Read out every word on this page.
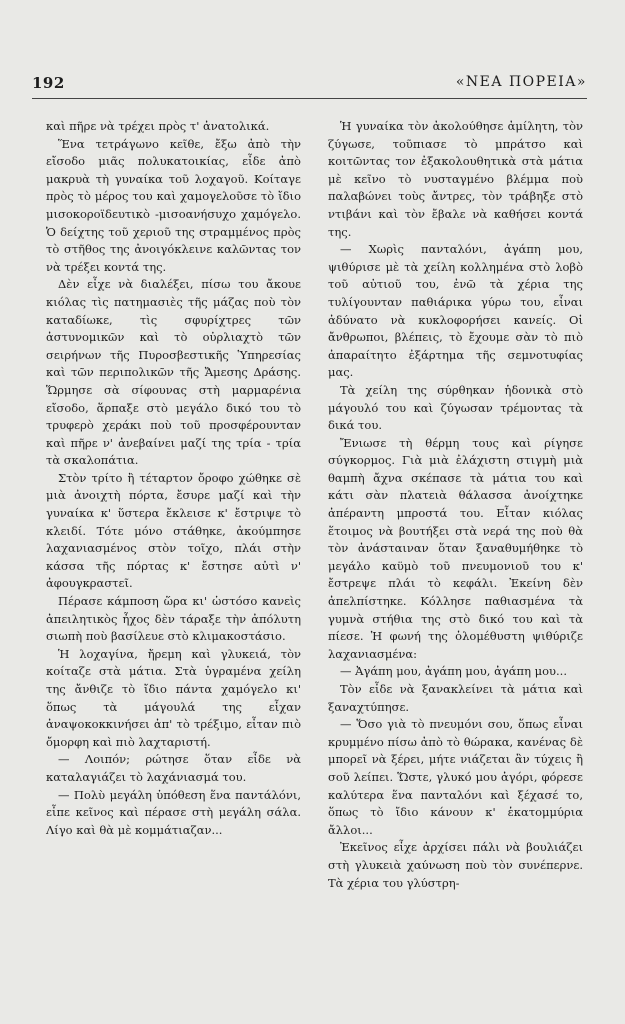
192	«ΝΕΑ ΠΟΡΕΙΑ»

καὶ πῆρε νὰ τρέχει πρὸς τ' ἀνατολικά.

Ἕνα τετράγωνο κεῖθε, ἔξω ἀπὸ τὴν εἴσοδο μιᾶς πολυκατοικίας, εἶδε ἀπὸ μακρυὰ τὴ γυναίκα τοῦ λοχαγοῦ. Κοίταγε πρὸς τὸ μέρος του καὶ χαμογελοῦσε τὸ ἴδιο μισοκοροϊδευτικὸ -μισοανήσυχο χαμόγελο. Ὁ δείχτης τοῦ χεριοῦ της στραμμένος πρὸς τὸ στῆθος της ἀνοιγόκλεινε καλῶντας τον νὰ τρέξει κοντά της.

Δὲν εἶχε νὰ διαλέξει, πίσω του ἄκουε κιόλας τὶς πατημασιὲς τῆς μάζας ποὺ τὸν καταδίωκε, τὶς σφυρίχτρες τῶν ἀστυνομικῶν καὶ τὸ οὐρλιαχτὸ τῶν σειρήνων τῆς Πυροσβεστικῆς Ὑπηρεσίας καὶ τῶν περιπολικῶν τῆς Ἄμεσης Δράσης. Ὥρμησε σὰ σίφουνας στὴ μαρμαρένια εἴσοδο, ἅρπαξε στὸ μεγάλο δικό του τὸ τρυφερὸ χεράκι ποὺ τοῦ προσφέρουνταν καὶ πῆρε ν' ἀνεβαίνει μαζί της τρία - τρία τὰ σκαλοπάτια.

Στὸν τρίτο ἢ τέταρτον ὄροφο χώθηκε σὲ μιὰ ἀνοιχτὴ πόρτα, ἔσυρε μαζί καὶ τὴν γυναίκα κ' ὕστερα ἔκλεισε κ' ἔστριψε τὸ κλειδί. Τότε μόνο στάθηκε, ἀκούμπησε λαχανιασμένος στὸν τοῖχο, πλάι στὴν κάσσα τῆς πόρτας κ' ἔστησε αὐτὶ ν' ἀφουγκραστεῖ.

Πέρασε κάμποση ὥρα κι' ὡστόσο κανεὶς ἀπειλητικὸς ἦχος δὲν τάραξε τὴν ἀπόλυτη σιωπὴ ποὺ βασίλευε στὸ κλιμακοστάσιο.

Ἡ λοχαγίνα, ἤρεμη καὶ γλυκειά, τὸν κοίταζε στὰ μάτια. Στὰ ὑγραμένα χείλη της ἄνθιζε τὸ ἴδιο πάντα χαμόγελο κι' ὅπως τὰ μάγουλά της εἶχαν ἀναψοκοκκινήσει ἀπ' τὸ τρέξιμο, εἶταν πιὸ ὄμορφη καὶ πιὸ λαχταριστή.

— Λοιπόν; ρώτησε ὅταν εἶδε νὰ καταλαγιάζει τὸ λαχάνιασμά του.

— Πολὺ μεγάλη ὑπόθεση ἕνα παντάλόνι, εἶπε κεῖνος καὶ πέρασε στὴ μεγάλη σάλα. Λίγο καὶ θὰ μὲ κομμάτιαζαν...

Ἡ γυναίκα τὸν ἀκολούθησε ἀμίλητη, τὸν ζύγωσε, τοῦπιασε τὸ μπράτσο καὶ κοιτῶντας τον ἐξακολουθητικὰ στὰ μάτια μὲ κεῖνο τὸ νυσταγμένο βλέμμα ποὺ παλαβώνει τοὺς ἄντρες, τὸν τράβηξε στὸ ντιβάνι καὶ τὸν ἔβαλε νὰ καθήσει κοντά της.

— Χωρὶς πανταλόνι, ἀγάπη μου, ψιθύρισε μὲ τὰ χείλη κολλημένα στὸ λοβὸ τοῦ αὐτιοῦ του, ἐνῶ τὰ χέρια της τυλίγουνταν παθιάρικα γύρω του, εἶναι ἀδύνατο νὰ κυκλοφορήσει κανείς. Οἱ ἄνθρωποι, βλέπεις, τὸ ἔχουμε σὰν τὸ πιὸ ἀπαραίτητο ἐξάρτημα τῆς σεμνοτυφίας μας.

Τὰ χείλη της σύρθηκαν ἡδονικὰ στὸ μάγουλό του καὶ ζύγωσαν τρέμοντας τὰ δικά του.

Ἔνιωσε τὴ θέρμη τους καὶ ρίγησε σύγκορμος. Γιὰ μιὰ ἐλάχιστη στιγμὴ μιὰ θαμπὴ ἄχνα σκέπασε τὰ μάτια του καὶ κάτι σὰν πλατειὰ θάλασσα ἀνοίχτηκε ἀπέραντη μπροστά του. Εἶταν κιόλας ἕτοιμος νὰ βουτήξει στὰ νερά της ποὺ θὰ τὸν ἀνάσταιναν ὅταν ξαναθυμήθηκε τὸ μεγάλο καϋμὸ τοῦ πνευμονιοῦ του κ' ἔστρεψε πλάι τὸ κεφάλι. Ἐκείνη δὲν ἀπελπίστηκε. Κόλλησε παθιασμένα τὰ γυμνὰ στήθια της στὸ δικό του καὶ τὰ πίεσε. Ἡ φωνή της ὁλομέθυστη ψιθύριζε λαχανιασμένα:

— Ἀγάπη μου, ἀγάπη μου, ἀγάπη μου...

Τὸν εἶδε νὰ ξανακλείνει τὰ μάτια καὶ ξαναχτύπησε.

— Ὅσο γιὰ τὸ πνευμόνι σου, ὅπως εἶναι κρυμμένο πίσω ἀπὸ τὸ θώρακα, κανένας δὲ μπορεῖ νὰ ξέρει, μήτε νιάζεται ἂν τύχεις ἢ σοῦ λείπει. Ὥστε, γλυκό μου ἀγόρι, φόρεσε καλύτερα ἕνα πανταλόνι καὶ ξέχασέ το, ὅπως τὸ ἴδιο κάνουν κ' ἑκατομμύρια ἄλλοι...

Ἐκεῖνος εἶχε ἀρχίσει πάλι νὰ βουλιάζει στὴ γλυκειὰ χαύνωση ποὺ τὸν συνέπερνε. Τὰ χέρια του γλύστρη-
